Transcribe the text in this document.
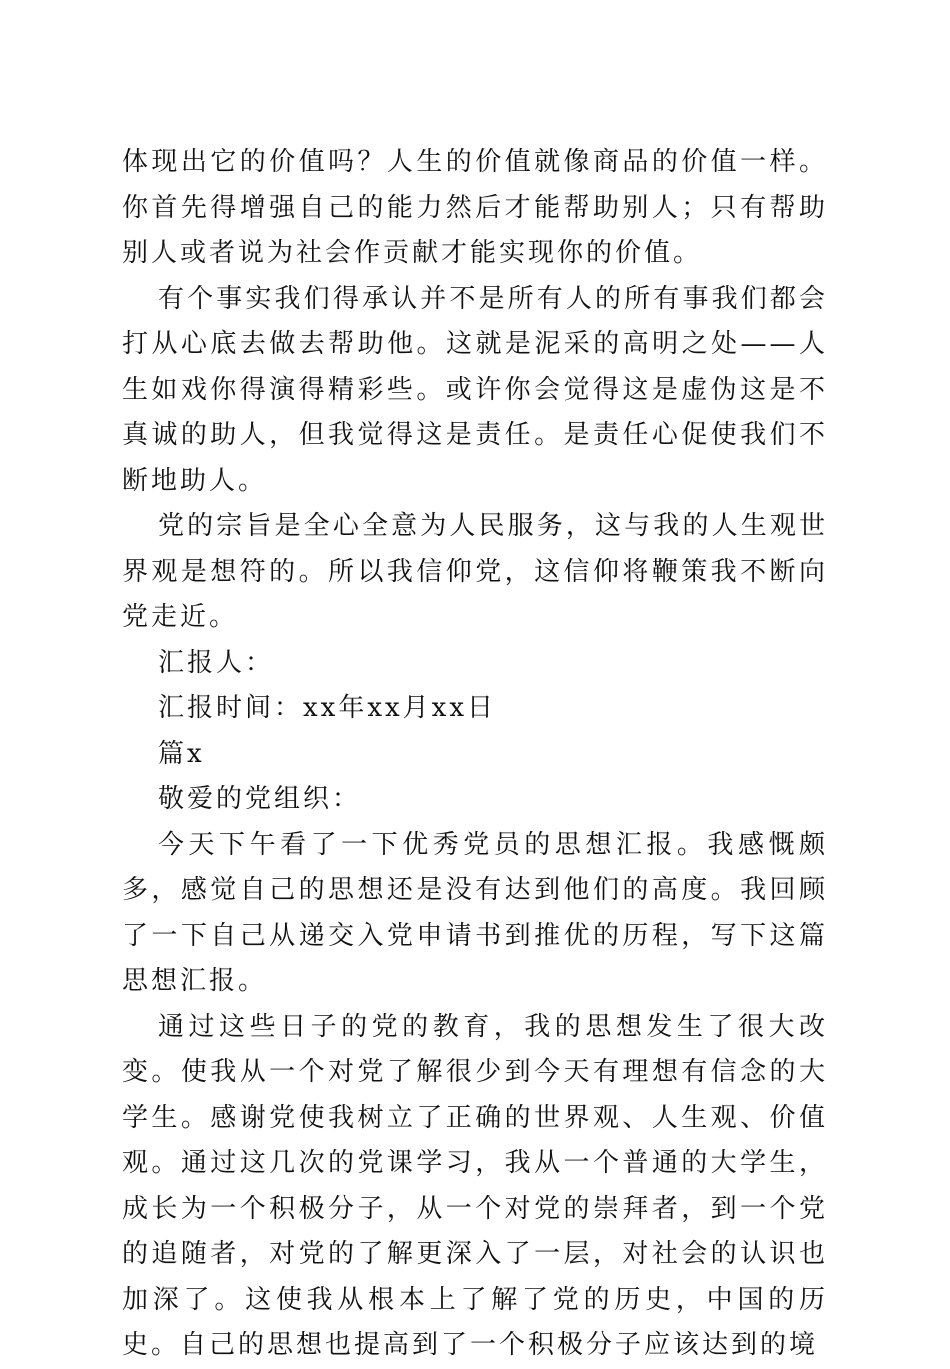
体现出它的价值吗？人生的价值就像商品的价值一样。你首先得增强自己的能力然后才能帮助别人；只有帮助别人或者说为社会作贡献才能实现你的价值。

有个事实我们得承认并不是所有人的所有事我们都会打从心底去做去帮助他。这就是泥采的高明之处——人生如戏你得演得精彩些。或许你会觉得这是虚伪这是不真诚的助人，但我觉得这是责任。是责任心促使我们不断地助人。

党的宗旨是全心全意为人民服务，这与我的人生观世界观是想符的。所以我信仰党，这信仰将鞭策我不断向党走近。

汇报人：

汇报时间：xx年xx月xx日

篇x

敬爱的党组织：

今天下午看了一下优秀党员的思想汇报。我感慨颇多，感觉自己的思想还是没有达到他们的高度。我回顾了一下自己从递交入党申请书到推优的历程，写下这篇思想汇报。

通过这些日子的党的教育，我的思想发生了很大改变。使我从一个对党了解很少到今天有理想有信念的大学生。感谢党使我树立了正确的世界观、人生观、价值观。通过这几次的党课学习，我从一个普通的大学生，成长为一个积极分子，从一个对党的崇拜者，到一个党的追随者，对党的了解更深入了一层，对社会的认识也加深了。这使我从根本上了解了党的历史，中国的历史。自己的思想也提高到了一个积极分子应该达到的境
